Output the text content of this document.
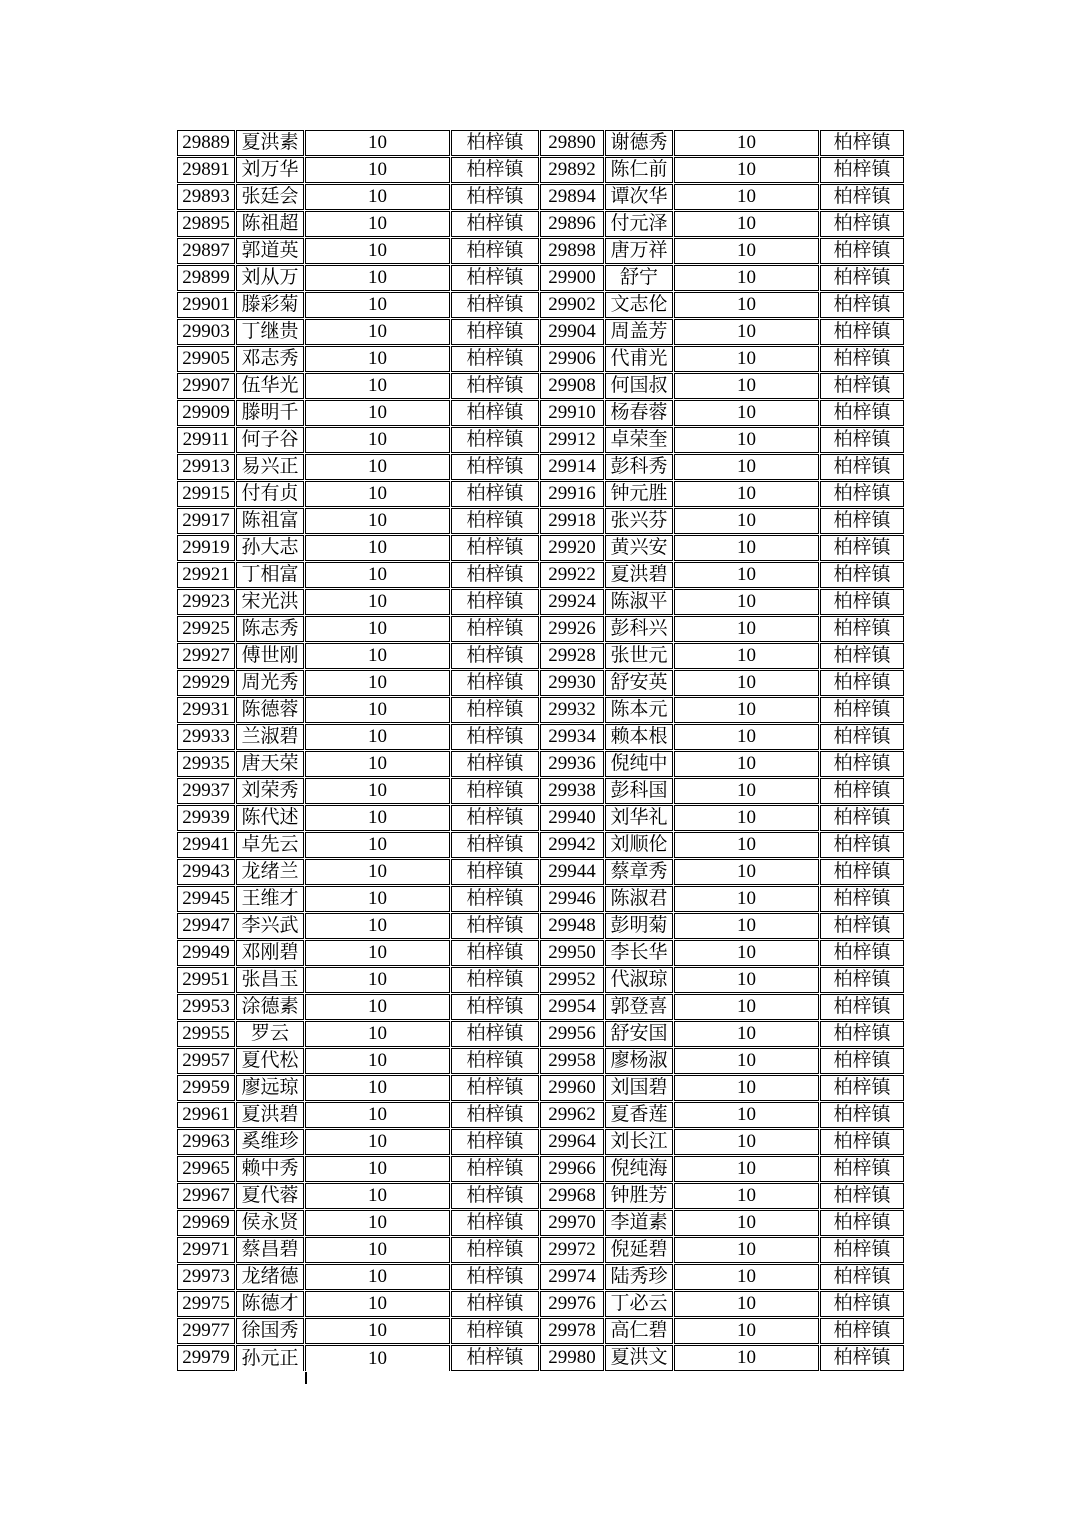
29889	夏洪素	10	柏梓镇	29890	谢德秀	10	柏梓镇
29891	刘万华	10	柏梓镇	29892	陈仁前	10	柏梓镇
29893	张廷会	10	柏梓镇	29894	谭次华	10	柏梓镇
29895	陈祖超	10	柏梓镇	29896	付元泽	10	柏梓镇
29897	郭道英	10	柏梓镇	29898	唐万祥	10	柏梓镇
29899	刘从万	10	柏梓镇	29900	舒宁	10	柏梓镇
29901	滕彩菊	10	柏梓镇	29902	文志伦	10	柏梓镇
29903	丁继贵	10	柏梓镇	29904	周盖芳	10	柏梓镇
29905	邓志秀	10	柏梓镇	29906	代甫光	10	柏梓镇
29907	伍华光	10	柏梓镇	29908	何国叔	10	柏梓镇
29909	滕明千	10	柏梓镇	29910	杨春蓉	10	柏梓镇
29911	何子谷	10	柏梓镇	29912	卓荣奎	10	柏梓镇
29913	易兴正	10	柏梓镇	29914	彭科秀	10	柏梓镇
29915	付有贞	10	柏梓镇	29916	钟元胜	10	柏梓镇
29917	陈祖富	10	柏梓镇	29918	张兴芬	10	柏梓镇
29919	孙大志	10	柏梓镇	29920	黄兴安	10	柏梓镇
29921	丁相富	10	柏梓镇	29922	夏洪碧	10	柏梓镇
29923	宋光洪	10	柏梓镇	29924	陈淑平	10	柏梓镇
29925	陈志秀	10	柏梓镇	29926	彭科兴	10	柏梓镇
29927	傅世刚	10	柏梓镇	29928	张世元	10	柏梓镇
29929	周光秀	10	柏梓镇	29930	舒安英	10	柏梓镇
29931	陈德蓉	10	柏梓镇	29932	陈本元	10	柏梓镇
29933	兰淑碧	10	柏梓镇	29934	赖本根	10	柏梓镇
29935	唐天荣	10	柏梓镇	29936	倪纯中	10	柏梓镇
29937	刘荣秀	10	柏梓镇	29938	彭科国	10	柏梓镇
29939	陈代述	10	柏梓镇	29940	刘华礼	10	柏梓镇
29941	卓先云	10	柏梓镇	29942	刘顺伦	10	柏梓镇
29943	龙绪兰	10	柏梓镇	29944	蔡章秀	10	柏梓镇
29945	王维才	10	柏梓镇	29946	陈淑君	10	柏梓镇
29947	李兴武	10	柏梓镇	29948	彭明菊	10	柏梓镇
29949	邓刚碧	10	柏梓镇	29950	李长华	10	柏梓镇
29951	张昌玉	10	柏梓镇	29952	代淑琼	10	柏梓镇
29953	涂德素	10	柏梓镇	29954	郭登喜	10	柏梓镇
29955	罗云	10	柏梓镇	29956	舒安国	10	柏梓镇
29957	夏代松	10	柏梓镇	29958	廖杨淑	10	柏梓镇
29959	廖远琼	10	柏梓镇	29960	刘国碧	10	柏梓镇
29961	夏洪碧	10	柏梓镇	29962	夏香莲	10	柏梓镇
29963	奚维珍	10	柏梓镇	29964	刘长江	10	柏梓镇
29965	赖中秀	10	柏梓镇	29966	倪纯海	10	柏梓镇
29967	夏代蓉	10	柏梓镇	29968	钟胜芳	10	柏梓镇
29969	侯永贤	10	柏梓镇	29970	李道素	10	柏梓镇
29971	蔡昌碧	10	柏梓镇	29972	倪延碧	10	柏梓镇
29973	龙绪德	10	柏梓镇	29974	陆秀珍	10	柏梓镇
29975	陈德才	10	柏梓镇	29976	丁必云	10	柏梓镇
29977	徐国秀	10	柏梓镇	29978	高仁碧	10	柏梓镇
29979	孙元正	10	柏梓镇	29980	夏洪文	10	柏梓镇
